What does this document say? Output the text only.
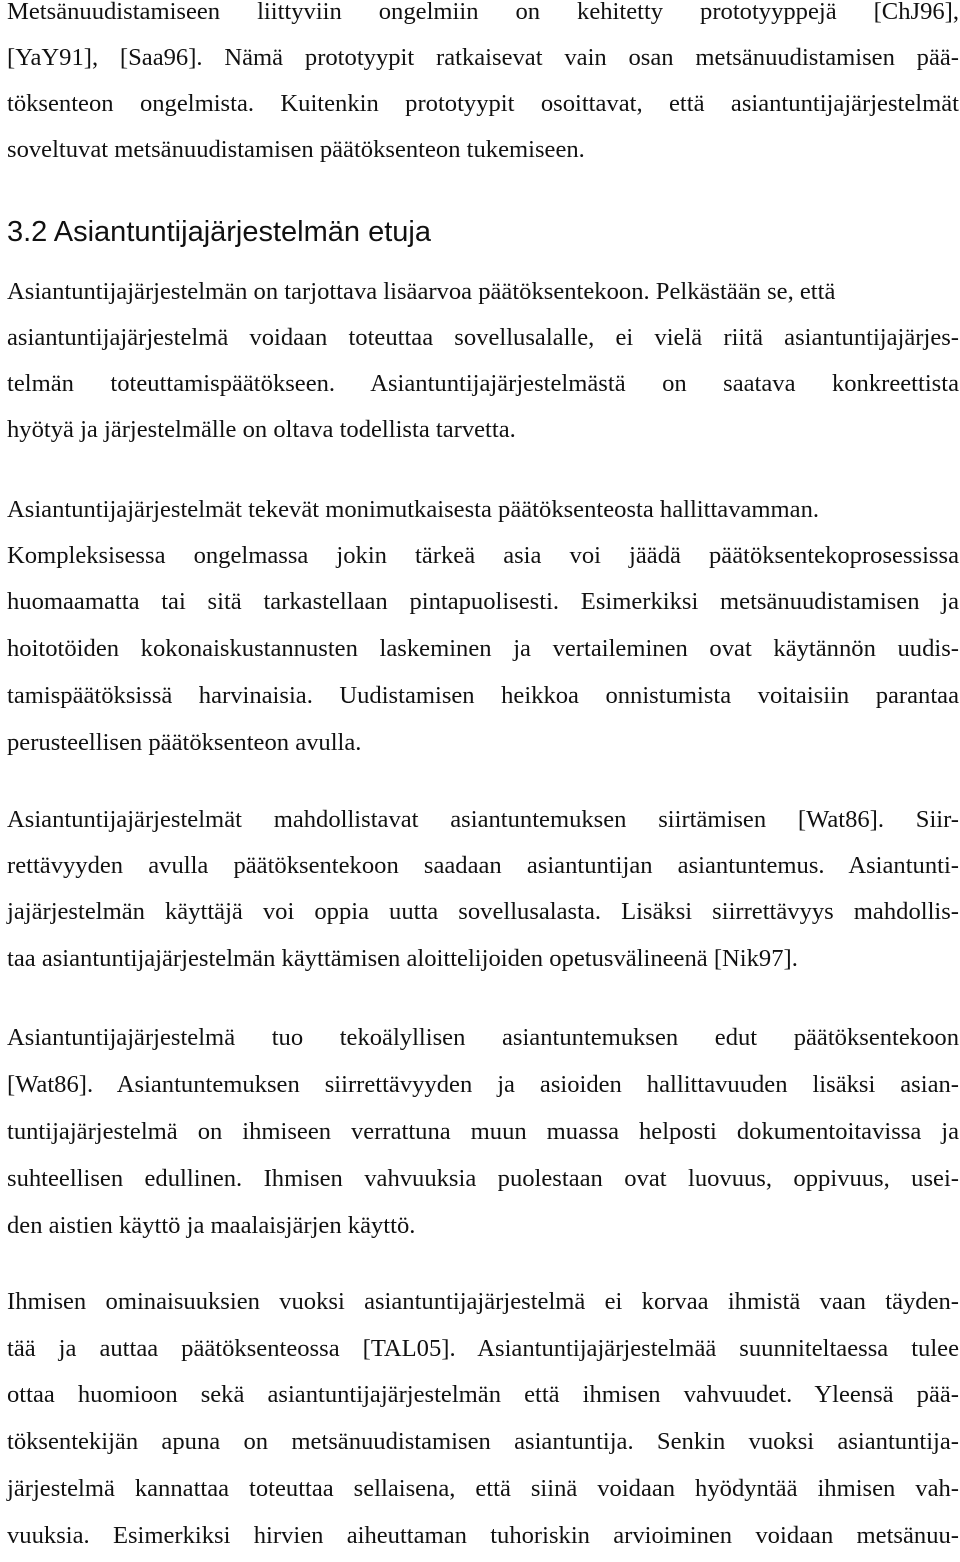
Metsänuudistamiseen liittyviin ongelmiin on kehitetty prototyyppejä [ChJ96],
[YaY91], [Saa96]. Nämä prototyypit ratkaisevat vain osan metsänuudistamisen pää-
töksenteon ongelmista. Kuitenkin prototyypit osoittavat, että asiantuntijajärjestelmät
soveltuvat metsänuudistamisen päätöksenteon tukemiseen.
3.2 Asiantuntijajärjestelmän etuja
Asiantuntijajärjestelmän on tarjottava lisäarvoa päätöksentekoon. Pelkästään se, että
asiantuntijajärjestelmä voidaan toteuttaa sovellusalalle, ei vielä riitä asiantuntijajärjes-
telmän toteuttamispäätökseen. Asiantuntijajärjestelmästä on saatava konkreettista
hyötyä ja järjestelmälle on oltava todellista tarvetta.
Asiantuntijajärjestelmät tekevät monimutkaisesta päätöksenteosta hallittavamman.
Kompleksisessa ongelmassa jokin tärkeä asia voi jäädä päätöksentekoprosessissa
huomaamatta tai sitä tarkastellaan pintapuolisesti. Esimerkiksi metsänuudistamisen ja
hoitotöiden kokonaiskustannusten laskeminen ja vertaileminen ovat käytännön uudis-
tamispäätöksissä harvinaisia. Uudistamisen heikkoa onnistumista voitaisiin parantaa
perusteellisen päätöksenteon avulla.
Asiantuntijajärjestelmät mahdollistavat asiantuntemuksen siirtämisen [Wat86]. Siir-
rettävyyden avulla päätöksentekoon saadaan asiantuntijan asiantuntemus. Asiantunti-
jajärjestelmän käyttäjä voi oppia uutta sovellusalasta. Lisäksi siirrettävyys mahdollis-
taa asiantuntijajärjestelmän käyttämisen aloittelijoiden opetusvälineenä [Nik97].
Asiantuntijajärjestelmä tuo tekoälyllisen asiantuntemuksen edut päätöksentekoon
[Wat86]. Asiantuntemuksen siirrettävyyden ja asioiden hallittavuuden lisäksi asian-
tuntijajärjestelmä on ihmiseen verrattuna muun muassa helposti dokumentoitavissa ja
suhteellisen edullinen. Ihmisen vahvuuksia puolestaan ovat luovuus, oppivuus, usei-
den aistien käyttö ja maalaisjärjen käyttö.
Ihmisen ominaisuuksien vuoksi asiantuntijajärjestelmä ei korvaa ihmistä vaan täyden-
tää ja auttaa päätöksenteossa [TAL05]. Asiantuntijajärjestelmää suunniteltaessa tulee
ottaa huomioon sekä asiantuntijajärjestelmän että ihmisen vahvuudet. Yleensä pää-
töksentekijän apuna on metsänuudistamisen asiantuntija. Senkin vuoksi asiantuntija-
järjestelmä kannattaa toteuttaa sellaisena, että siinä voidaan hyödyntää ihmisen vah-
vuuksia. Esimerkiksi hirvien aiheuttaman tuhoriskin arvioiminen voidaan metsänuu-
